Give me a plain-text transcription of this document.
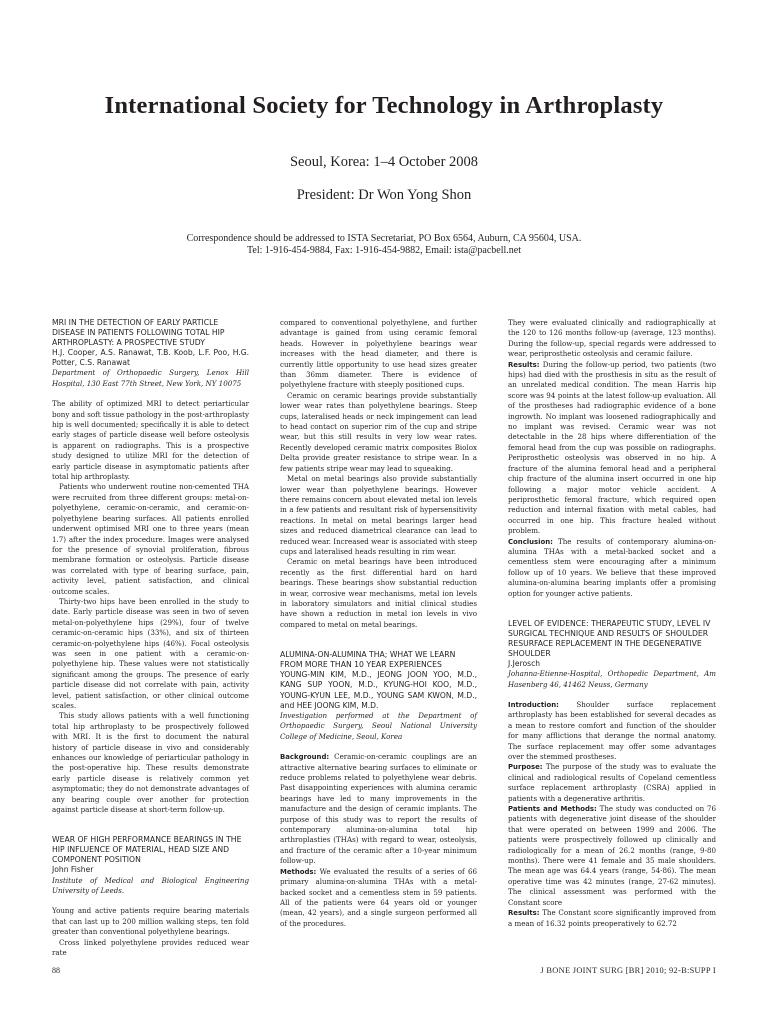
International Society for Technology in Arthroplasty
Seoul, Korea: 1–4 October 2008
President: Dr Won Yong Shon
Correspondence should be addressed to ISTA Secretariat, PO Box 6564, Auburn, CA 95604, USA.
Tel: 1-916-454-9884, Fax: 1-916-454-9882, Email: ista@pacbell.net
MRI IN THE DETECTION OF EARLY PARTICLE DISEASE IN PATIENTS FOLLOWING TOTAL HIP ARTHROPLASTY: A PROSPECTIVE STUDY

H.J. Cooper, A.S. Ranawat, T.B. Koob, L.F. Poo, H.G. Potter, C.S. Ranawat

Department of Orthopaedic Surgery, Lenox Hill Hospital, 130 East 77th Street, New York, NY 10075

The ability of optimized MRI to detect periarticular bony and soft tissue pathology in the post-arthroplasty hip is well documented; specifically it is able to detect early stages of particle disease well before osteolysis is apparent on radiographs. This is a prospective study designed to utilize MRI for the detection of early particle disease in asymptomatic patients after total hip arthroplasty.

Patients who underwent routine non-cemented THA were recruited from three different groups: metal-on-polyethylene, ceramic-on-ceramic, and ceramic-on-polyethylene bearing surfaces. All patients enrolled underwent optimised MRI one to three years (mean 1.7) after the index procedure. Images were analysed for the presence of synovial proliferation, fibrous membrane formation or osteolysis. Particle disease was correlated with type of bearing surface, pain, activity level, patient satisfaction, and clinical outcome scales.

Thirty-two hips have been enrolled in the study to date. Early particle disease was seen in two of seven metal-on-polyethylene hips (29%), four of twelve ceramic-on-ceramic hips (33%), and six of thirteen ceramic-on-polyethylene hips (46%). Focal osteolysis was seen in one patient with a ceramic-on-polyethylene hip. These values were not statistically significant among the groups. The presence of early particle disease did not correlate with pain, activity level, patient satisfaction, or other clinical outcome scales.

This study allows patients with a well functioning total hip arthroplasty to be prospectively followed with MRI. It is the first to document the natural history of particle disease in vivo and considerably enhances our knowledge of periarticular pathology in the post-operative hip. These results demonstrate early particle disease is relatively common yet asymptomatic; they do not demonstrate advantages of any bearing couple over another for protection against particle disease at short-term follow-up.

WEAR OF HIGH PERFORMANCE BEARINGS IN THE HIP INFLUENCE OF MATERIAL, HEAD SIZE AND COMPONENT POSITION

John Fisher

Institute of Medical and Biological Engineering University of Leeds.

Young and active patients require bearing materials that can last up to 200 million walking steps, ten fold greater than conventional polyethylene bearings.

Cross linked polyethylene provides reduced wear rate

compared to conventional polyethylene, and further advantage is gained from using ceramic femoral heads. However in polyethylene bearings wear increases with the head diameter, and there is currently little opportunity to use head sizes greater than 36mm diameter. There is evidence of polyethylene fracture with steeply positioned cups.

Ceramic on ceramic bearings provide substantially lower wear rates than polyethylene bearings. Steep cups, lateralised heads or neck impingement can lead to head contact on superior rim of the cup and stripe wear, but this still results in very low wear rates. Recently developed ceramic matrix composites Biolox Delta provide greater resistance to stripe wear. In a few patients stripe wear may lead to squeaking.

Metal on metal bearings also provide substantially lower wear than polyethylene bearings. However there remains concern about elevated metal ion levels in a few patients and resultant risk of hypersensitivity reactions. In metal on metal bearings larger head sizes and reduced diametrical clearance can lead to reduced wear. Increased wear is associated with steep cups and lateralised heads resulting in rim wear.

Ceramic on metal bearings have been introduced recently as the first differential hard on hard bearings. These bearings show substantial reduction in wear, corrosive wear mechanisms, metal ion levels in laboratory simulators and initial clinical studies have shown a reduction in metal ion levels in vivo compared to metal on metal bearings.

ALUMINA-ON-ALUMINA THA; WHAT WE LEARN FROM MORE THAN 10 YEAR EXPERIENCES

YOUNG-MIN KIM, M.D., JEONG JOON YOO, M.D., KANG SUP YOON, M.D., KYUNG-HOI KOO, M.D., YOUNG-KYUN LEE, M.D., YOUNG SAM KWON, M.D., and HEE JOONG KIM, M.D.

Investigation performed at the Department of Orthopaedic Surgery, Seoul National University College of Medicine, Seoul, Korea

Background: Ceramic-on-ceramic couplings are an attractive alternative bearing surfaces to eliminate or reduce problems related to polyethylene wear debris. Past disappointing experiences with alumina ceramic bearings have led to many improvements in the manufacture and the design of ceramic implants. The purpose of this study was to report the results of contemporary alumina-on-alumina total hip arthroplasties (THAs) with regard to wear, osteolysis, and fracture of the ceramic after a 10-year minimum follow-up.

Methods: We evaluated the results of a series of 66 primary alumina-on-alumina THAs with a metal-backed socket and a cementless stem in 59 patients. All of the patients were 64 years old or younger (mean, 42 years), and a single surgeon performed all of the procedures.

They were evaluated clinically and radiographically at the 120 to 126 months follow-up (average, 123 months). During the follow-up, special regards were addressed to wear, periprosthetic osteolysis and ceramic failure.

Results: During the follow-up period, two patients (two hips) had died with the prosthesis in situ as the result of an unrelated medical condition. The mean Harris hip score was 94 points at the latest follow-up evaluation. All of the prostheses had radiographic evidence of a bone ingrowth. No implant was loosened radiographically and no implant was revised. Ceramic wear was not detectable in the 28 hips where differentiation of the femoral head from the cup was possible on radiographs. Periprosthetic osteolysis was observed in no hip. A fracture of the alumina femoral head and a peripheral chip fracture of the alumina insert occurred in one hip following a major motor vehicle accident. A periprosthetic femoral fracture, which required open reduction and internal fixation with metal cables, had occurred in one hip. This fracture healed without problem.

Conclusion: The results of contemporary alumina-on-alumina THAs with a metal-backed socket and a cementless stem were encouraging after a minimum follow up of 10 years. We believe that these improved alumina-on-alumina bearing implants offer a promising option for younger active patients.

LEVEL OF EVIDENCE: THERAPEUTIC STUDY, LEVEL IV SURGICAL TECHNIQUE AND RESULTS OF SHOULDER RESURFACE REPLACEMENT IN THE DEGENERATIVE SHOULDER

J.Jerosch

Johanna-Etienne-Hospital, Orthopedic Department, Am Hasenberg 46, 41462 Neuss, Germany

Introduction: Shoulder surface replacement arthroplasty has been established for several decades as a mean to restore comfort and function of the shoulder for many afflictions that derange the normal anatomy. The surface replacement may offer some advantages over the stemmed prostheses.

Purpose: The purpose of the study was to evaluate the clinical and radiological results of Copeland cementless surface replacement arthroplasty (CSRA) applied in patients with a degenerative arthritis.

Patients and Methods: The study was conducted on 76 patients with degenerative joint disease of the shoulder that were operated on between 1999 and 2006. The patients were prospectively followed up clinically and radiologically for a mean of 26.2 months (range, 9-80 months). There were 41 female and 35 male shoulders. The mean age was 64.4 years (range, 54-86). The mean operative time was 42 minutes (range, 27-62 minutes). The clinical assessment was performed with the Constant score

Results: The Constant score significantly improved from a mean of 16.32 points preoperatively to 62.72

88	J BONE JOINT SURG [BR] 2010; 92-B:SUPP I
